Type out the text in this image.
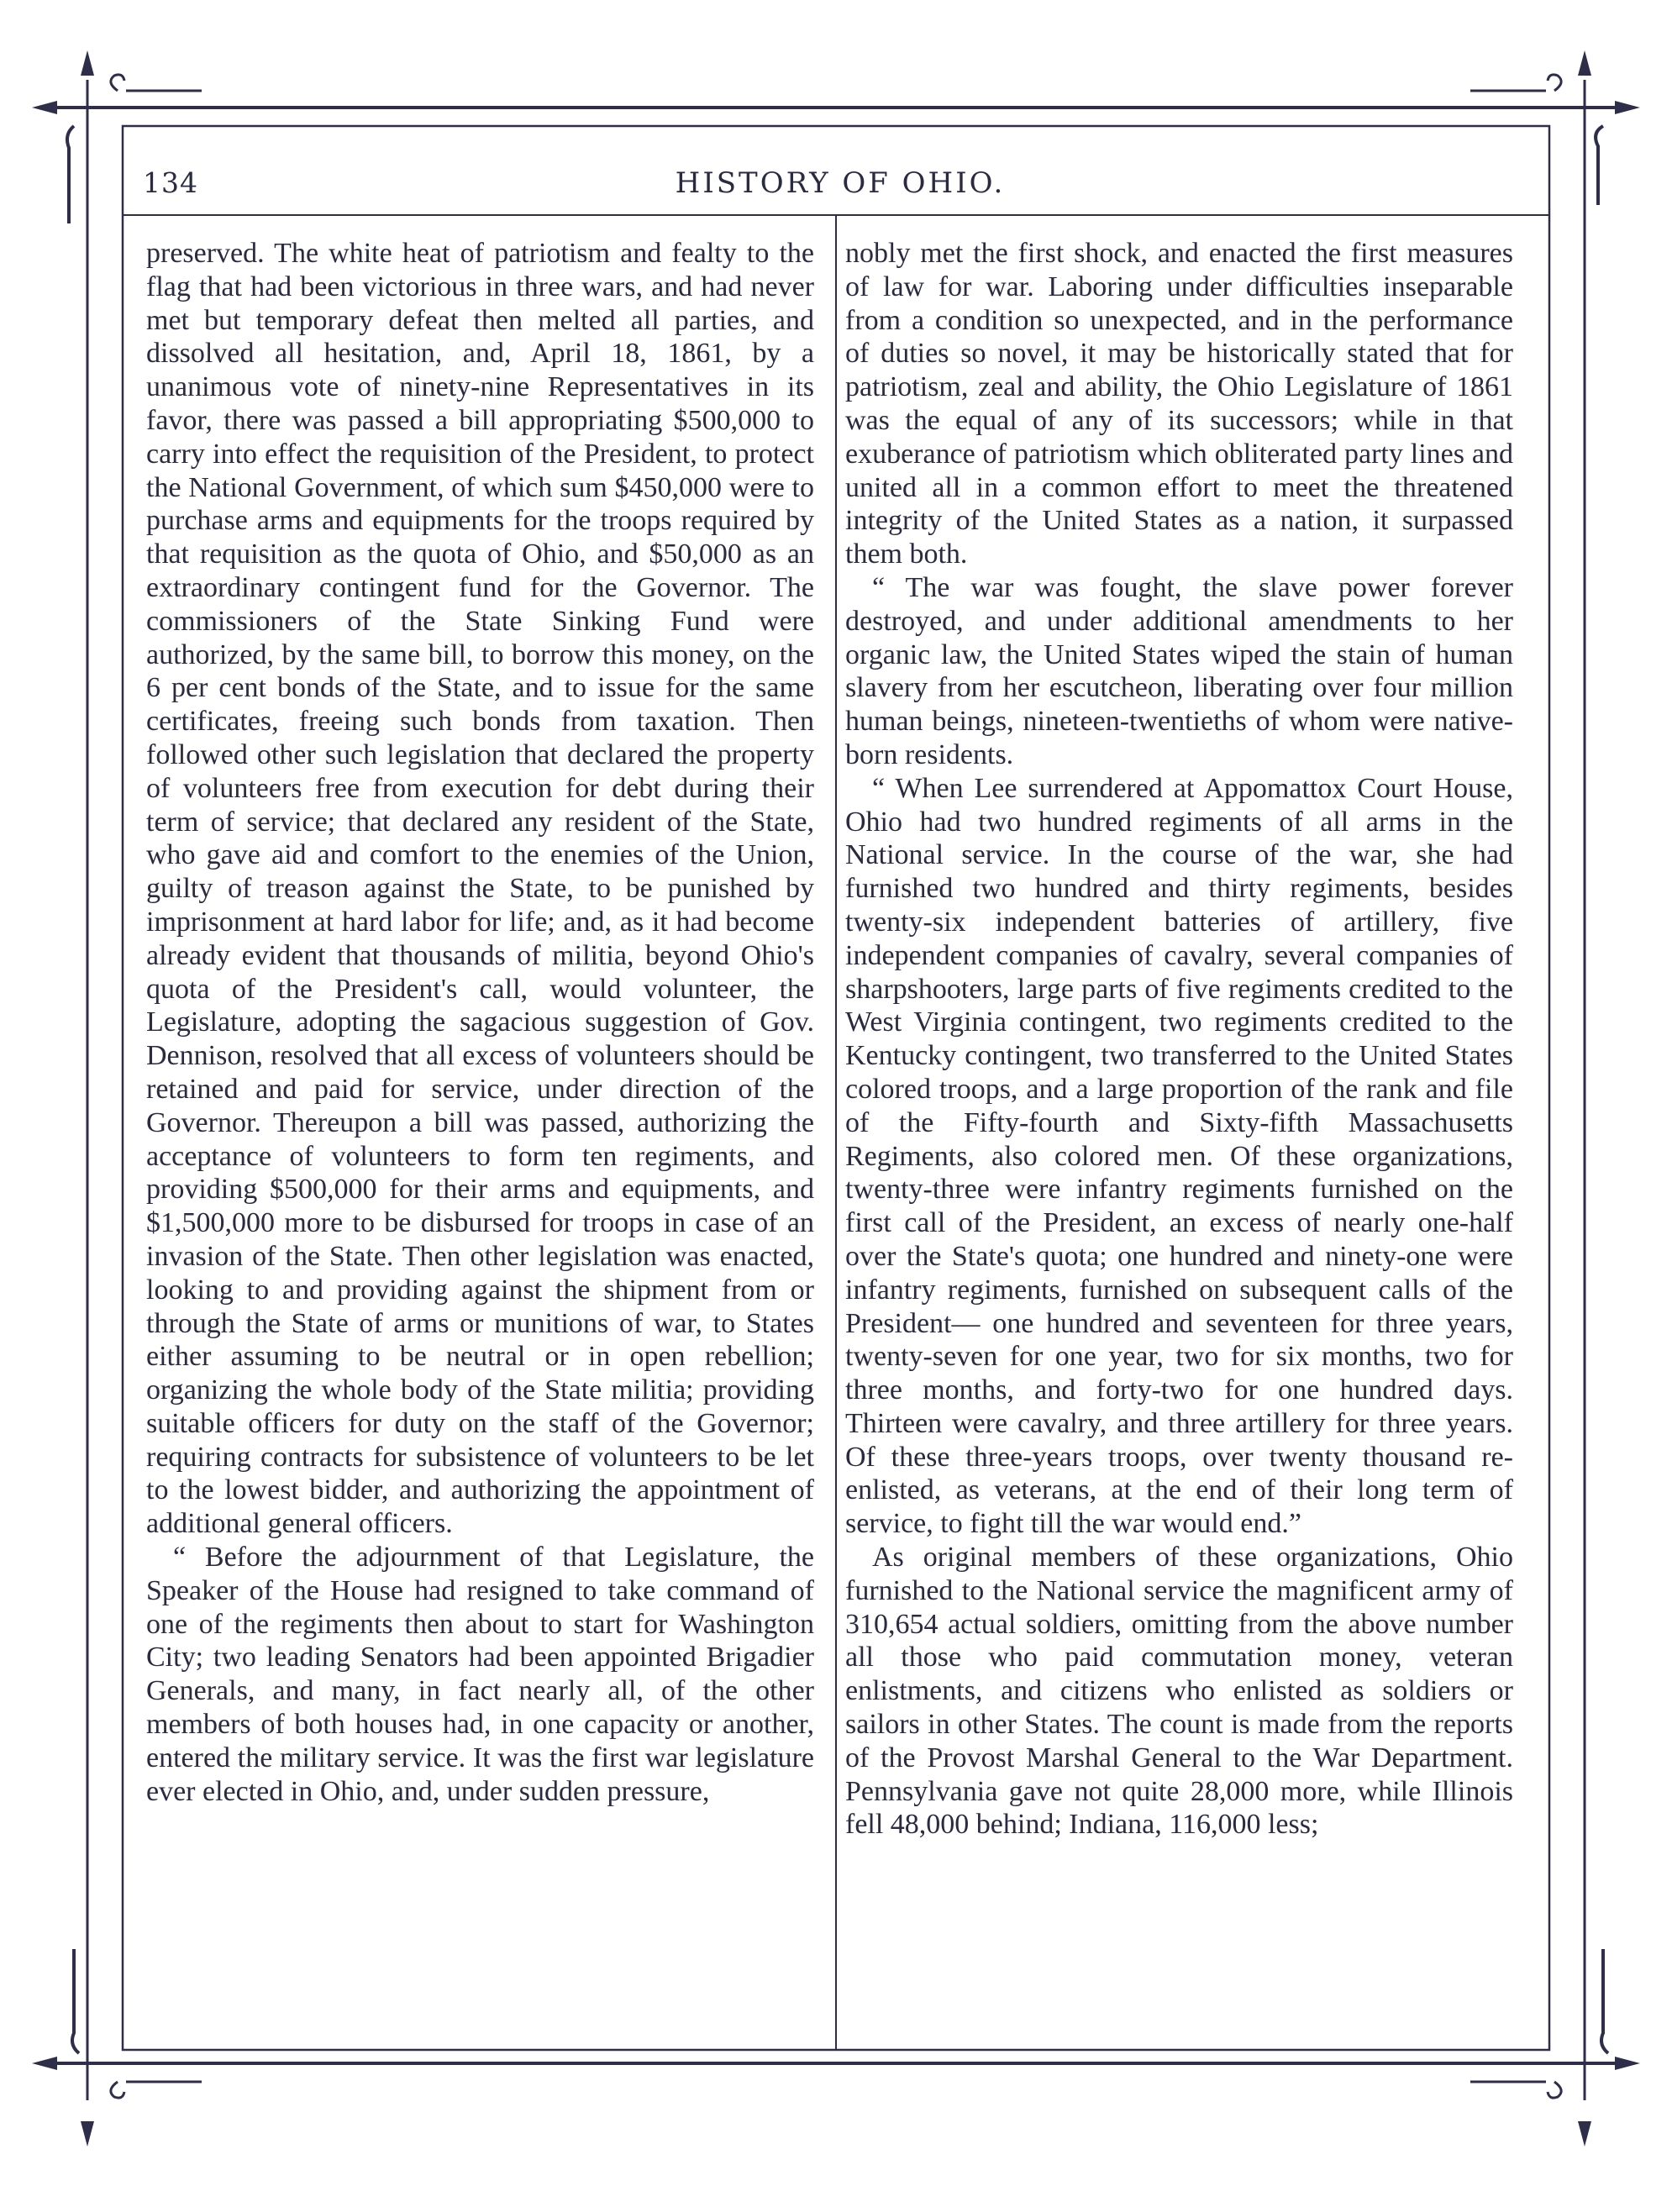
134	HISTORY OF OHIO.

preserved. The white heat of patriotism and fealty to the flag that had been victorious in three wars, and had never met but temporary defeat then melted all parties, and dissolved all hesitation, and, April 18, 1861, by a unanimous vote of ninety-nine Representatives in its favor, there was passed a bill appropriating $500,000 to carry into effect the requisition of the President, to protect the National Government, of which sum $450,000 were to purchase arms and equipments for the troops required by that requisition as the quota of Ohio, and $50,000 as an extraordinary contingent fund for the Governor. The commissioners of the State Sinking Fund were authorized, by the same bill, to borrow this money, on the 6 per cent bonds of the State, and to issue for the same certificates, freeing such bonds from taxation. Then followed other such legislation that declared the property of volunteers free from execution for debt during their term of service; that declared any resident of the State, who gave aid and comfort to the enemies of the Union, guilty of treason against the State, to be punished by imprisonment at hard labor for life; and, as it had become already evident that thousands of militia, beyond Ohio's quota of the President's call, would volunteer, the Legislature, adopting the sagacious suggestion of Gov. Dennison, resolved that all excess of volunteers should be retained and paid for service, under direction of the Governor. Thereupon a bill was passed, authorizing the acceptance of volunteers to form ten regiments, and providing $500,000 for their arms and equipments, and $1,500,000 more to be disbursed for troops in case of an invasion of the State. Then other legislation was enacted, looking to and providing against the shipment from or through the State of arms or munitions of war, to States either assuming to be neutral or in open rebellion; organizing the whole body of the State militia; providing suitable officers for duty on the staff of the Governor; requiring contracts for subsistence of volunteers to be let to the lowest bidder, and authorizing the appointment of additional general officers.

“ Before the adjournment of that Legislature, the Speaker of the House had resigned to take command of one of the regiments then about to start for Washington City; two leading Senators had been appointed Brigadier Generals, and many, in fact nearly all, of the other members of both houses had, in one capacity or another, entered the military service. It was the first war legislature ever elected in Ohio, and, under sudden pressure,

nobly met the first shock, and enacted the first measures of law for war. Laboring under difficulties inseparable from a condition so unexpected, and in the performance of duties so novel, it may be historically stated that for patriotism, zeal and ability, the Ohio Legislature of 1861 was the equal of any of its successors; while in that exuberance of patriotism which obliterated party lines and united all in a common effort to meet the threatened integrity of the United States as a nation, it surpassed them both.

“ The war was fought, the slave power forever destroyed, and under additional amendments to her organic law, the United States wiped the stain of human slavery from her escutcheon, liberating over four million human beings, nineteen-twentieths of whom were native-born residents.

“ When Lee surrendered at Appomattox Court House, Ohio had two hundred regiments of all arms in the National service. In the course of the war, she had furnished two hundred and thirty regiments, besides twenty-six independent batteries of artillery, five independent companies of cavalry, several companies of sharpshooters, large parts of five regiments credited to the West Virginia contingent, two regiments credited to the Kentucky contingent, two transferred to the United States colored troops, and a large proportion of the rank and file of the Fifty-fourth and Sixty-fifth Massachusetts Regiments, also colored men. Of these organizations, twenty-three were infantry regiments furnished on the first call of the President, an excess of nearly one-half over the State's quota; one hundred and ninety-one were infantry regiments, furnished on subsequent calls of the President— one hundred and seventeen for three years, twenty-seven for one year, two for six months, two for three months, and forty-two for one hundred days. Thirteen were cavalry, and three artillery for three years. Of these three-years troops, over twenty thousand re-enlisted, as veterans, at the end of their long term of service, to fight till the war would end.”

As original members of these organizations, Ohio furnished to the National service the magnificent army of 310,654 actual soldiers, omitting from the above number all those who paid commutation money, veteran enlistments, and citizens who enlisted as soldiers or sailors in other States. The count is made from the reports of the Provost Marshal General to the War Department. Pennsylvania gave not quite 28,000 more, while Illinois fell 48,000 behind; Indiana, 116,000 less;
